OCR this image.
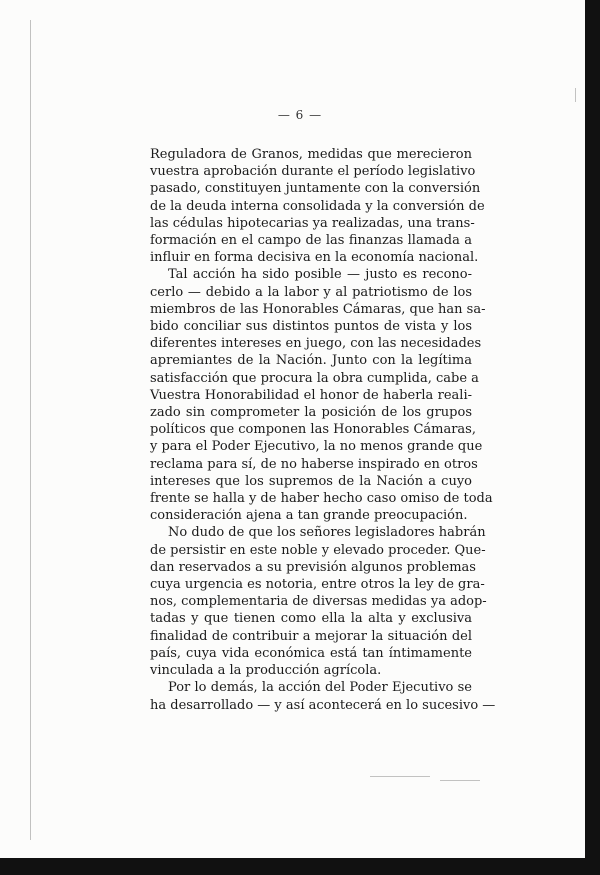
— 6 —
Reguladora de Granos, medidas que merecieron
vuestra aprobación durante el período legislativo
pasado, constituyen juntamente con la conversión
de la deuda interna consolidada y la conversión de
las cédulas hipotecarias ya realizadas, una trans-
formación en el campo de las finanzas llamada a
influir en forma decisiva en la economía nacional.
Tal acción ha sido posible — justo es recono-
cerlo — debido a la labor y al patriotismo de los
miembros de las Honorables Cámaras, que han sa-
bido conciliar sus distintos puntos de vista y los
diferentes intereses en juego, con las necesidades
apremiantes de la Nación. Junto con la legítima
satisfacción que procura la obra cumplida, cabe a
Vuestra Honorabilidad el honor de haberla reali-
zado sin comprometer la posición de los grupos
políticos que componen las Honorables Cámaras,
y para el Poder Ejecutivo, la no menos grande que
reclama para sí, de no haberse inspirado en otros
intereses que los supremos de la Nación a cuyo
frente se halla y de haber hecho caso omiso de toda
consideración ajena a tan grande preocupación.
No dudo de que los señores legisladores habrán
de persistir en este noble y elevado proceder. Que-
dan reservados a su previsión algunos problemas
cuya urgencia es notoria, entre otros la ley de gra-
nos, complementaria de diversas medidas ya adop-
tadas y que tienen como ella la alta y exclusiva
finalidad de contribuir a mejorar la situación del
país, cuya vida económica está tan íntimamente
vinculada a la producción agrícola.
Por lo demás, la acción del Poder Ejecutivo se
ha desarrollado — y así acontecerá en lo sucesivo —
